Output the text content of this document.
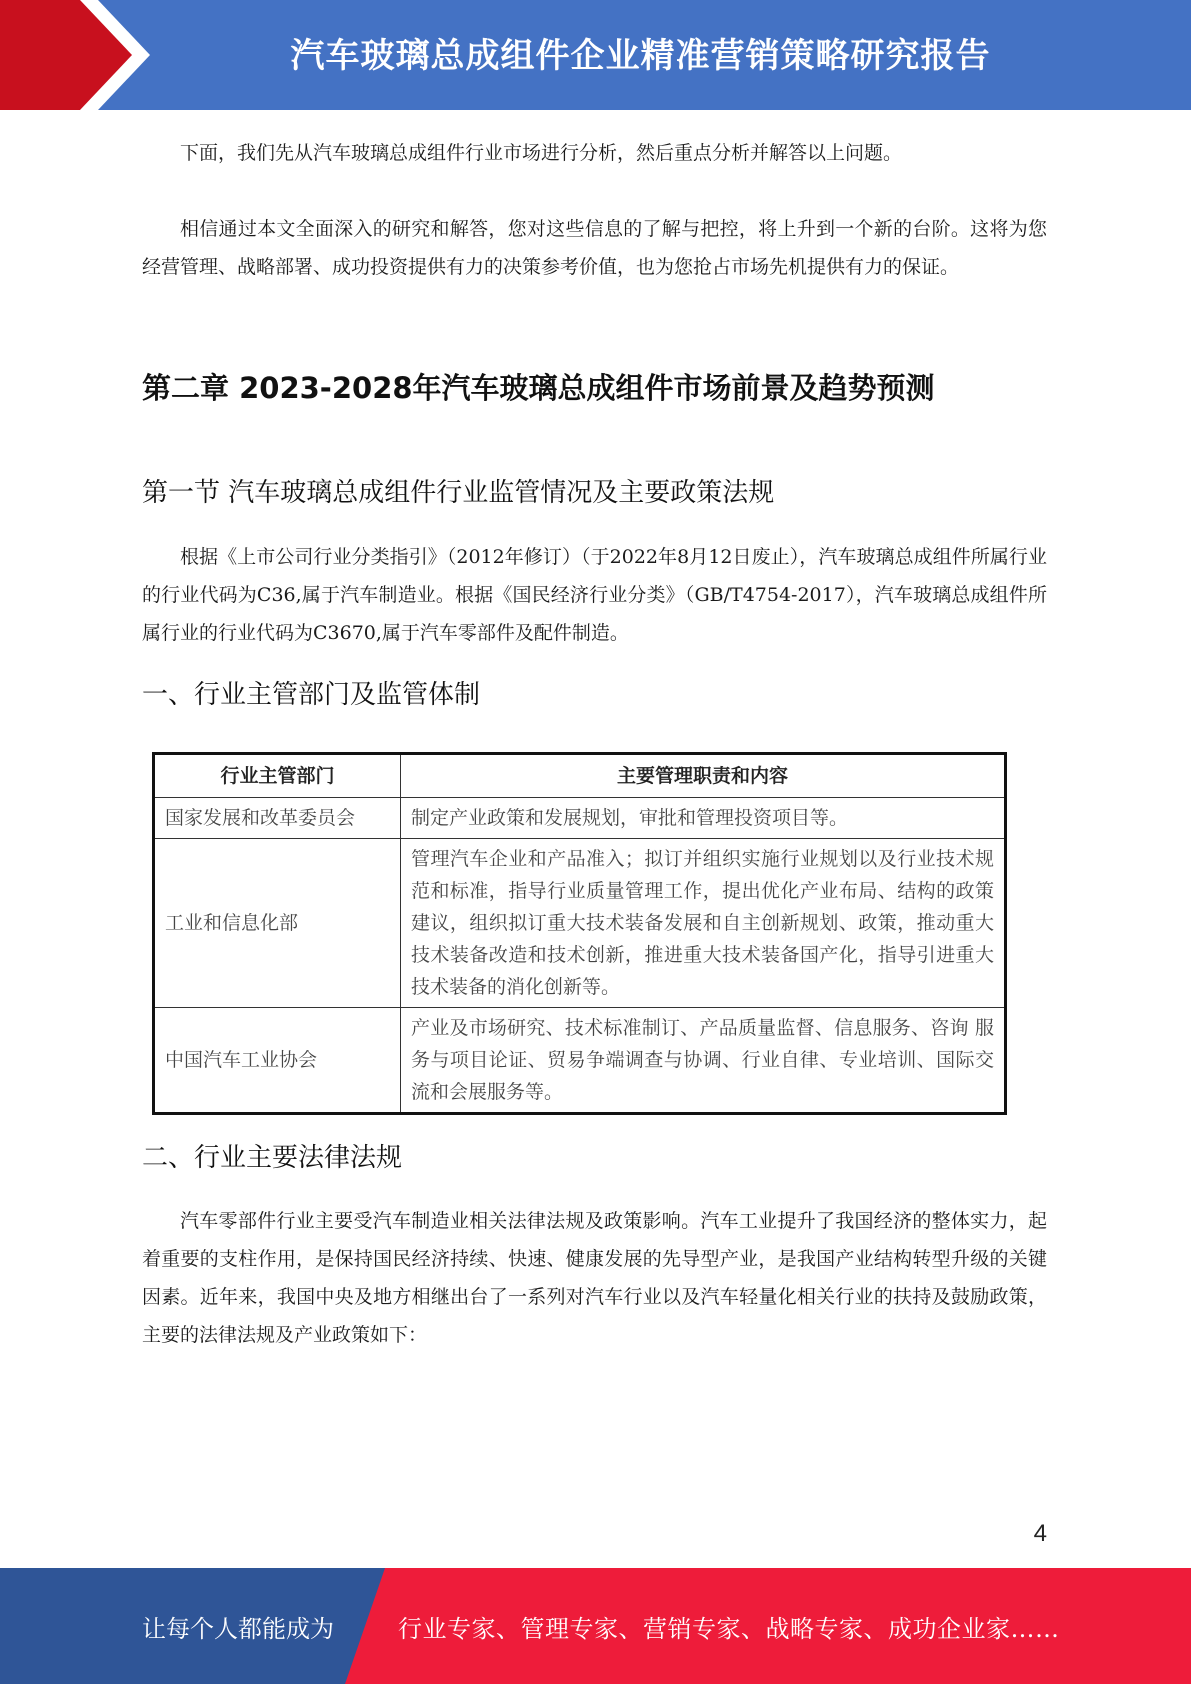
汽车玻璃总成组件企业精准营销策略研究报告

下面，我们先从汽车玻璃总成组件行业市场进行分析，然后重点分析并解答以上问题。

相信通过本文全面深入的研究和解答，您对这些信息的了解与把控，将上升到一个新的台阶。这将为您经营管理、战略部署、成功投资提供有力的决策参考价值，也为您抢占市场先机提供有力的保证。

第二章 2023-2028年汽车玻璃总成组件市场前景及趋势预测
第一节 汽车玻璃总成组件行业监管情况及主要政策法规

根据《上市公司行业分类指引》（2012年修订）（于2022年8月12日废止），汽车玻璃总成组件所属行业的行业代码为C36,属于汽车制造业。根据《国民经济行业分类》（GB/T4754-2017），汽车玻璃总成组件所属行业的行业代码为C3670,属于汽车零部件及配件制造。

一、行业主管部门及监管体制
行业主管部门	主要管理职责和内容
国家发展和改革委员会	制定产业政策和发展规划，审批和管理投资项目等。
工业和信息化部	管理汽车企业和产品准入；拟订并组织实施行业规划以及行业技术规范和标准，指导行业质量管理工作，提出优化产业布局、结构的政策建议，组织拟订重大技术装备发展和自主创新规划、政策，推动重大技术装备改造和技术创新，推进重大技术装备国产化，指导引进重大技术装备的消化创新等。
中国汽车工业协会	产业及市场研究、技术标准制订、产品质量监督、信息服务、咨询 服务与项目论证、贸易争端调查与协调、行业自律、专业培训、国际交流和会展服务等。
二、行业主要法律法规

汽车零部件行业主要受汽车制造业相关法律法规及政策影响。汽车工业提升了我国经济的整体实力，起着重要的支柱作用，是保持国民经济持续、快速、健康发展的先导型产业，是我国产业结构转型升级的关键因素。近年来，我国中央及地方相继出台了一系列对汽车行业以及汽车轻量化相关行业的扶持及鼓励政策，主要的法律法规及产业政策如下：

4
让每个人都能成为	行业专家、管理专家、营销专家、战略专家、成功企业家……
